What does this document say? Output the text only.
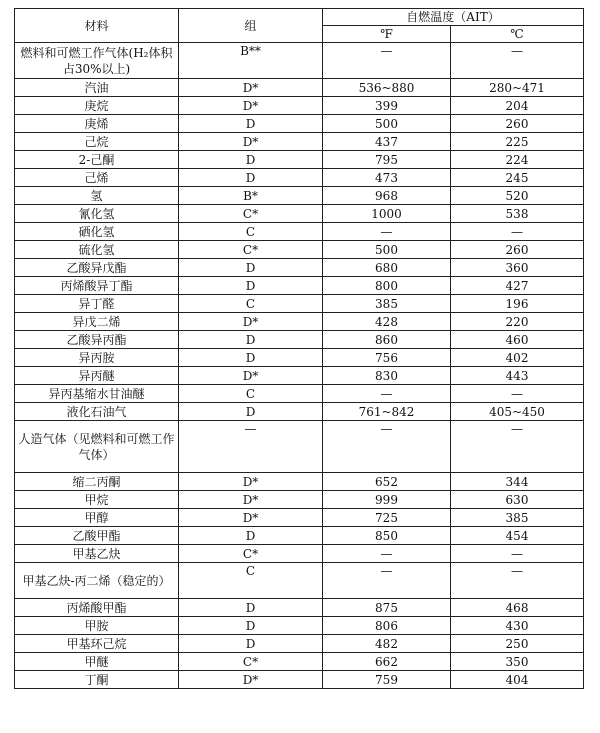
材料	组	自燃温度（AIT）	
		℉	℃
燃料和可燃工作气体(H₂体积占30%以上)	B**	—	—
汽油	D*	536~880	280~471
庚烷	D*	399	204
庚烯	D	500	260
己烷	D*	437	225
2-己酮	D	795	224
己烯	D	473	245
氢	B*	968	520
氰化氢	C*	1000	538
硒化氢	C	—	—
硫化氢	C*	500	260
乙酸异戊酯	D	680	360
丙烯酸异丁酯	D	800	427
异丁醛	C	385	196
异戊二烯	D*	428	220
乙酸异丙酯	D	860	460
异丙胺	D	756	402
异丙醚	D*	830	443
异丙基缩水甘油醚	C	—	—
液化石油气	D	761~842	405~450
人造气体（见燃料和可燃工作气体）	—	—	—
缩二丙酮	D*	652	344
甲烷	D*	999	630
甲醇	D*	725	385
乙酸甲酯	D	850	454
甲基乙炔	C*	—	—
甲基乙炔-丙二烯（稳定的）	C	—	—
丙烯酸甲酯	D	875	468
甲胺	D	806	430
甲基环己烷	D	482	250
甲醚	C*	662	350
丁酮	D*	759	404
